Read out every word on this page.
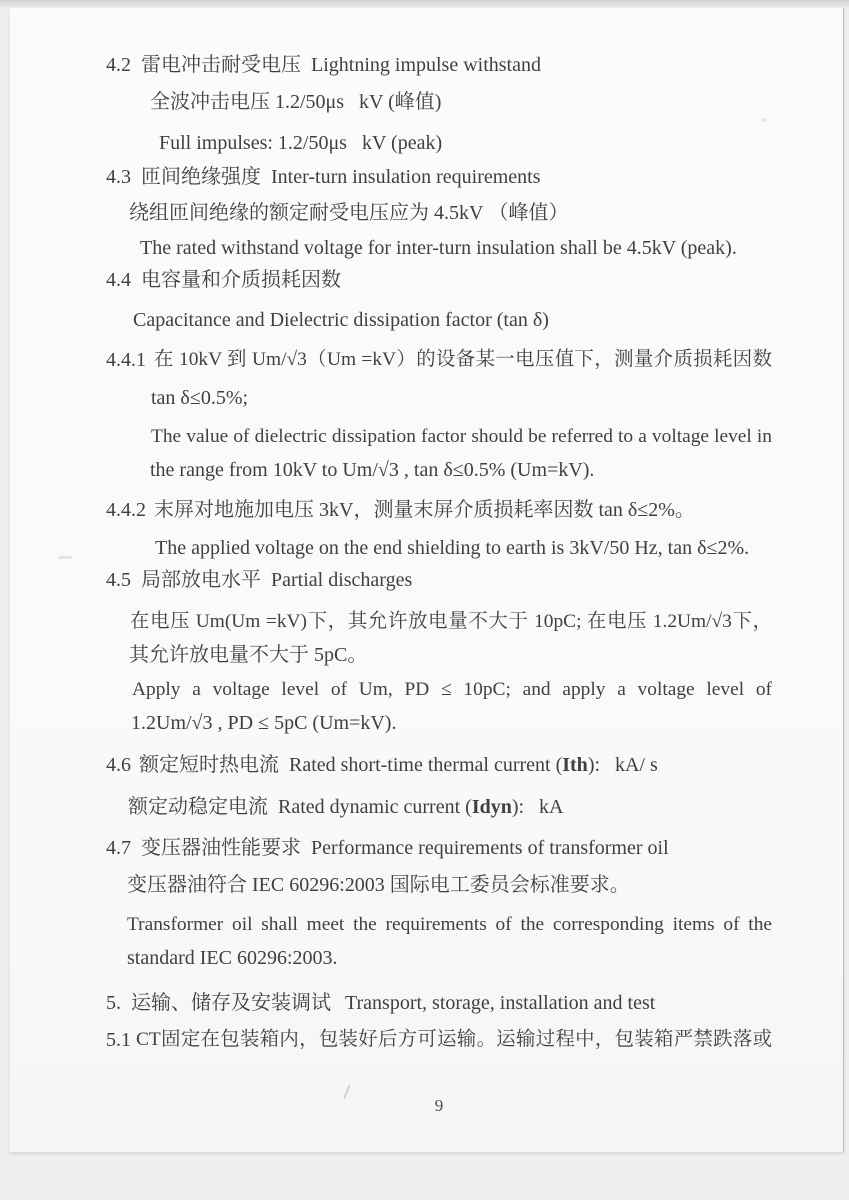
4.2 雷电冲击耐受电压 Lightning impulse withstand
全波冲击电压 1.2/50μs   kV (峰值)
Full impulses: 1.2/50μs   kV (peak)
4.3 匝间绝缘强度 Inter-turn insulation requirements
绕组匝间绝缘的额定耐受电压应为 4.5kV （峰值）
The rated withstand voltage for inter-turn insulation shall be 4.5kV (peak).
4.4 电容量和介质损耗因数
Capacitance and Dielectric dissipation factor (tan δ)
4.4.1 在 10kV 到 Um/√3（Um =kV）的设备某一电压值下，测量介质损耗因数
tan δ≤0.5%;
The value of dielectric dissipation factor should be referred to a voltage level in
the range from 10kV to Um/√3 , tan δ≤0.5% (Um=kV).
4.4.2 末屏对地施加电压 3kV，测量末屏介质损耗率因数 tan δ≤2%。
The applied voltage on the end shielding to earth is 3kV/50 Hz, tan δ≤2%.
4.5 局部放电水平 Partial discharges
在电压 Um(Um =kV)下，其允许放电量不大于 10pC; 在电压 1.2Um/√3下，
其允许放电量不大于 5pC。
Apply a voltage level of Um, PD ≤ 10pC; and apply a voltage level of
1.2Um/√3 , PD ≤ 5pC (Um=kV).
4.6 额定短时热电流  Rated short-time thermal current (Ith):   kA/ s
额定动稳定电流  Rated dynamic current (Idyn):   kA
4.7 变压器油性能要求 Performance requirements of transformer oil
变压器油符合 IEC 60296:2003 国际电工委员会标准要求。
Transformer oil shall meet the requirements of the corresponding items of the
standard IEC 60296:2003.
5. 运输、储存及安装调试 Transport, storage, installation and test
5.1 CT固定在包装箱内，包装好后方可运输。运输过程中，包装箱严禁跌落或
9
